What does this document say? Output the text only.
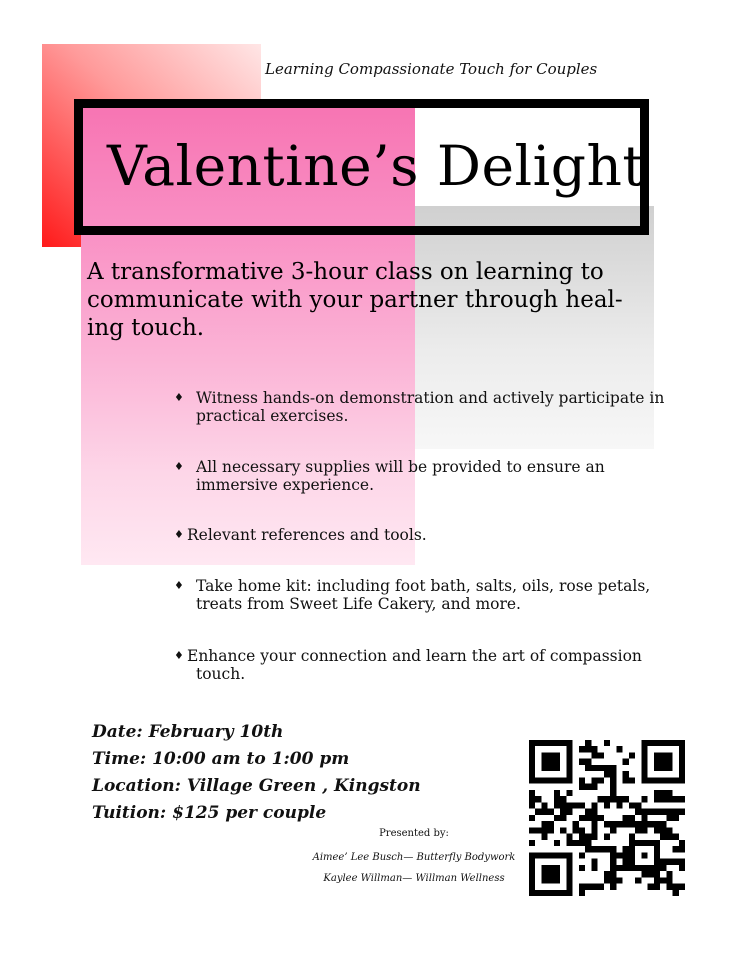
Learning Compassionate Touch for Couples
Valentine’s Delight
A transformative 3-hour class on learning to communicate with your partner through heal-ing touch.
♦ Witness hands-on demonstration and actively participate in
practical exercises.
♦ All necessary supplies will be provided to ensure an
immersive experience.
♦ Relevant references and tools.
♦ Take home kit: including foot bath, salts, oils, rose petals,
treats from Sweet Life Cakery, and more.
♦ Enhance your connection and learn the art of compassion
touch.
Date: February 10th
Time: 10:00 am to 1:00 pm
Location: Village Green , Kingston
Tuition: $125 per couple
Presented by:
Aimee’ Lee Busch— Butterfly Bodywork
Kaylee Willman— Willman Wellness
